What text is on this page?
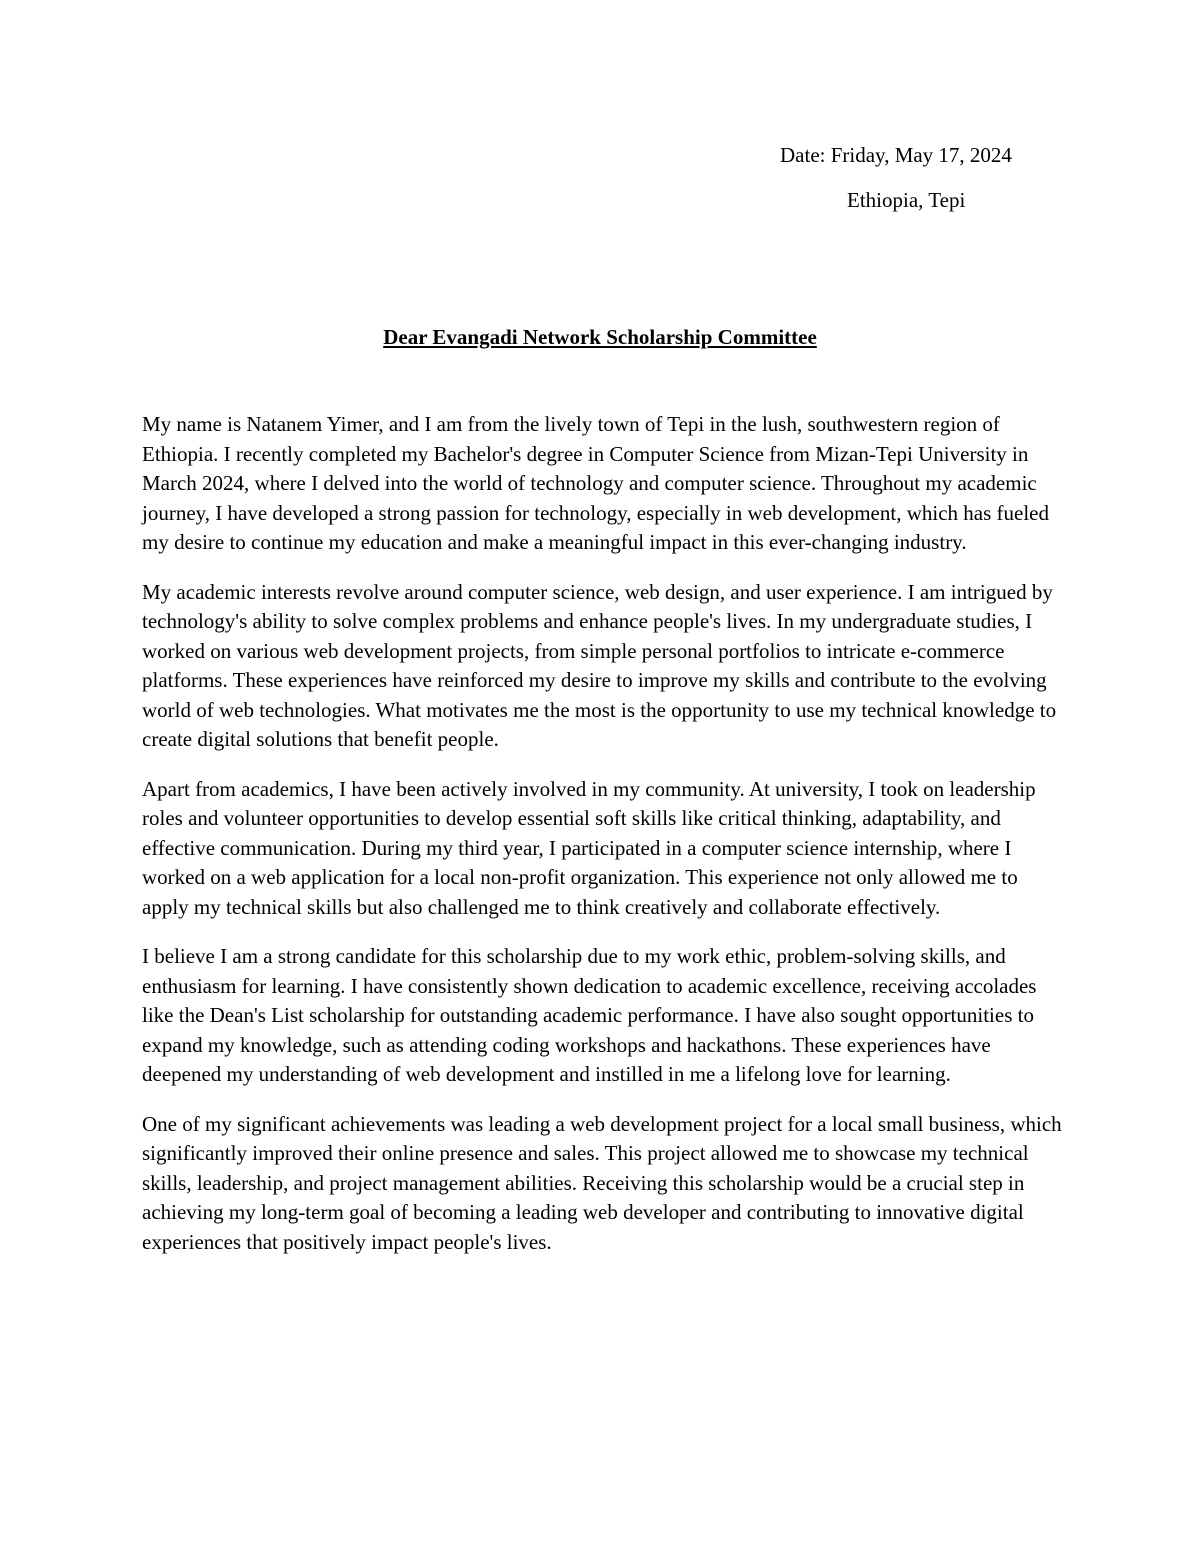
Date: Friday, May 17, 2024
Ethiopia, Tepi
Dear Evangadi Network Scholarship Committee

My name is Natanem Yimer, and I am from the lively town of Tepi in the lush, southwestern region of Ethiopia. I recently completed my Bachelor's degree in Computer Science from Mizan-Tepi University in March 2024, where I delved into the world of technology and computer science. Throughout my academic journey, I have developed a strong passion for technology, especially in web development, which has fueled my desire to continue my education and make a meaningful impact in this ever-changing industry.

My academic interests revolve around computer science, web design, and user experience. I am intrigued by technology's ability to solve complex problems and enhance people's lives. In my undergraduate studies, I worked on various web development projects, from simple personal portfolios to intricate e-commerce platforms. These experiences have reinforced my desire to improve my skills and contribute to the evolving world of web technologies. What motivates me the most is the opportunity to use my technical knowledge to create digital solutions that benefit people.

Apart from academics, I have been actively involved in my community. At university, I took on leadership roles and volunteer opportunities to develop essential soft skills like critical thinking, adaptability, and effective communication. During my third year, I participated in a computer science internship, where I worked on a web application for a local non-profit organization. This experience not only allowed me to apply my technical skills but also challenged me to think creatively and collaborate effectively.

I believe I am a strong candidate for this scholarship due to my work ethic, problem-solving skills, and enthusiasm for learning. I have consistently shown dedication to academic excellence, receiving accolades like the Dean's List scholarship for outstanding academic performance. I have also sought opportunities to expand my knowledge, such as attending coding workshops and hackathons. These experiences have deepened my understanding of web development and instilled in me a lifelong love for learning.

One of my significant achievements was leading a web development project for a local small business, which significantly improved their online presence and sales. This project allowed me to showcase my technical skills, leadership, and project management abilities. Receiving this scholarship would be a crucial step in achieving my long-term goal of becoming a leading web developer and contributing to innovative digital experiences that positively impact people's lives.
